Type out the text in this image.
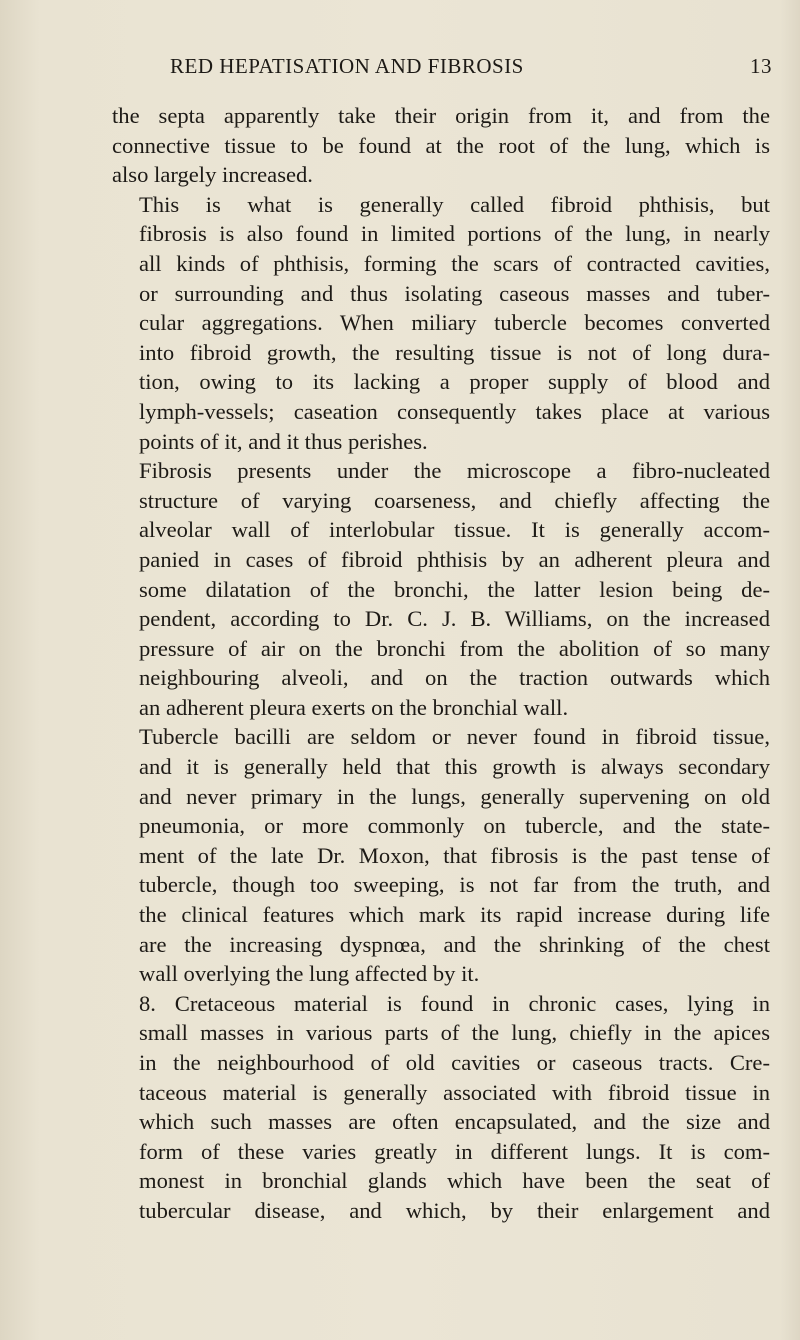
RED HEPATISATION AND FIBROSIS	13

the septa apparently take their origin from it, and from the
connective tissue to be found at the root of the lung, which is
also largely increased.

This is what is generally called fibroid phthisis, but
fibrosis is also found in limited portions of the lung, in nearly
all kinds of phthisis, forming the scars of contracted cavities,
or surrounding and thus isolating caseous masses and tuber-
cular aggregations. When miliary tubercle becomes converted
into fibroid growth, the resulting tissue is not of long dura-
tion, owing to its lacking a proper supply of blood and
lymph-vessels; caseation consequently takes place at various
points of it, and it thus perishes.

Fibrosis presents under the microscope a fibro-nucleated
structure of varying coarseness, and chiefly affecting the
alveolar wall of interlobular tissue. It is generally accom-
panied in cases of fibroid phthisis by an adherent pleura and
some dilatation of the bronchi, the latter lesion being de-
pendent, according to Dr. C. J. B. Williams, on the increased
pressure of air on the bronchi from the abolition of so many
neighbouring alveoli, and on the traction outwards which
an adherent pleura exerts on the bronchial wall.

Tubercle bacilli are seldom or never found in fibroid tissue,
and it is generally held that this growth is always secondary
and never primary in the lungs, generally supervening on old
pneumonia, or more commonly on tubercle, and the state-
ment of the late Dr. Moxon, that fibrosis is the past tense of
tubercle, though too sweeping, is not far from the truth, and
the clinical features which mark its rapid increase during life
are the increasing dyspnœa, and the shrinking of the chest
wall overlying the lung affected by it.

8. Cretaceous material is found in chronic cases, lying in
small masses in various parts of the lung, chiefly in the apices
in the neighbourhood of old cavities or caseous tracts. Cre-
taceous material is generally associated with fibroid tissue in
which such masses are often encapsulated, and the size and
form of these varies greatly in different lungs. It is com-
monest in bronchial glands which have been the seat of
tubercular disease, and which, by their enlargement and
